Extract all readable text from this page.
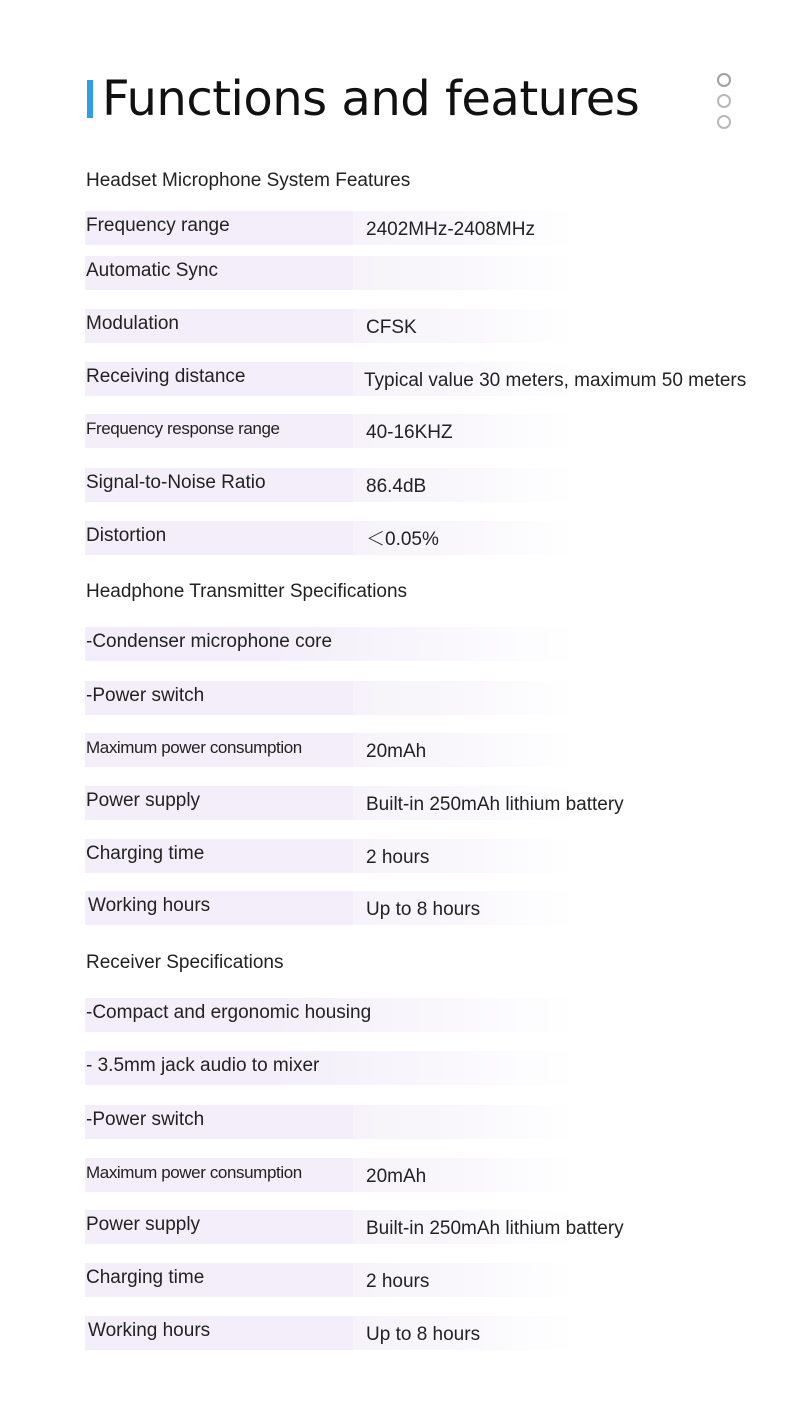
Functions and features
Headset Microphone System Features
Frequency range	2402MHz-2408MHz
Automatic Sync
Modulation	CFSK
Receiving distance	Typical value 30 meters, maximum 50 meters
Frequency response range	40-16KHZ
Signal-to-Noise Ratio	86.4dB
Distortion	＜0.05%
Headphone Transmitter Specifications
-Condenser microphone core
-Power switch
Maximum power consumption	20mAh
Power supply	Built-in 250mAh lithium battery
Charging time	2 hours
Working hours	Up to 8 hours
Receiver Specifications
-Compact and ergonomic housing
- 3.5mm jack audio to mixer
-Power switch
Maximum power consumption	20mAh
Power supply	Built-in 250mAh lithium battery
Charging time	2 hours
Working hours	Up to 8 hours
